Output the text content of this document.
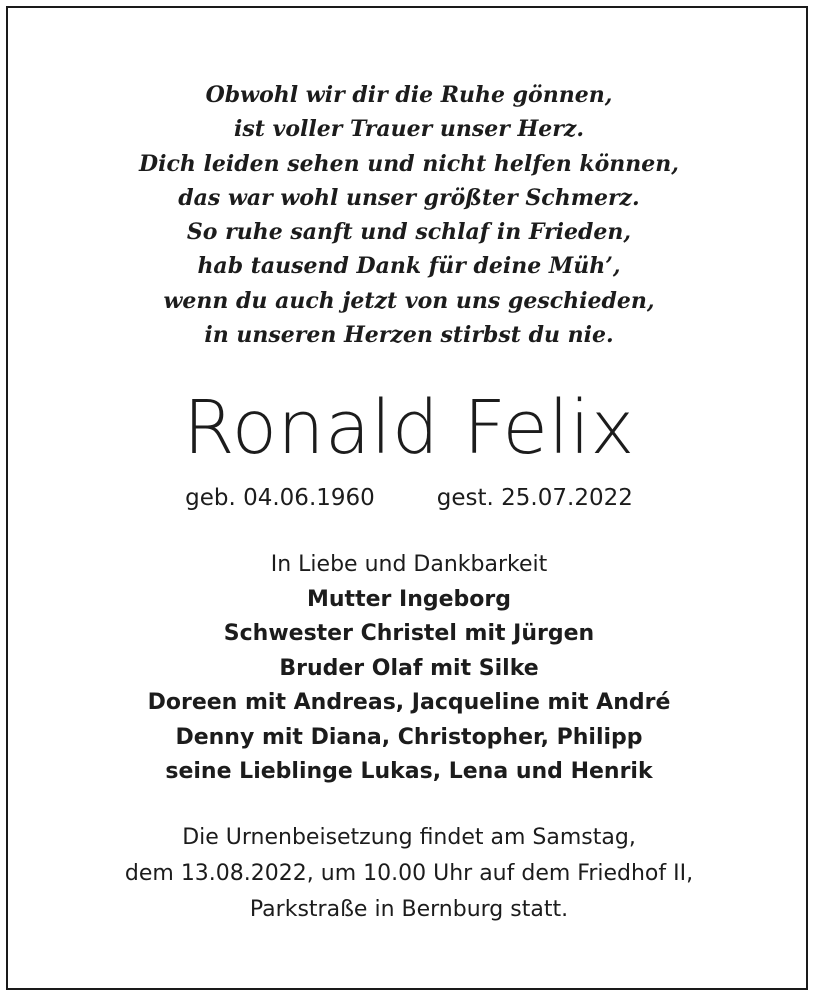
Obwohl wir dir die Ruhe gönnen,
ist voller Trauer unser Herz.
Dich leiden sehen und nicht helfen können,
das war wohl unser größter Schmerz.
So ruhe sanft und schlaf in Frieden,
hab tausend Dank für deine Müh’,
wenn du auch jetzt von uns geschieden,
in unseren Herzen stirbst du nie.
Ronald Felix
geb. 04.06.1960	gest. 25.07.2022
In Liebe und Dankbarkeit
Mutter Ingeborg
Schwester Christel mit Jürgen
Bruder Olaf mit Silke
Doreen mit Andreas, Jacqueline mit André
Denny mit Diana, Christopher, Philipp
seine Lieblinge Lukas, Lena und Henrik
Die Urnenbeisetzung findet am Samstag,
dem 13.08.2022, um 10.00 Uhr auf dem Friedhof II,
Parkstraße in Bernburg statt.
